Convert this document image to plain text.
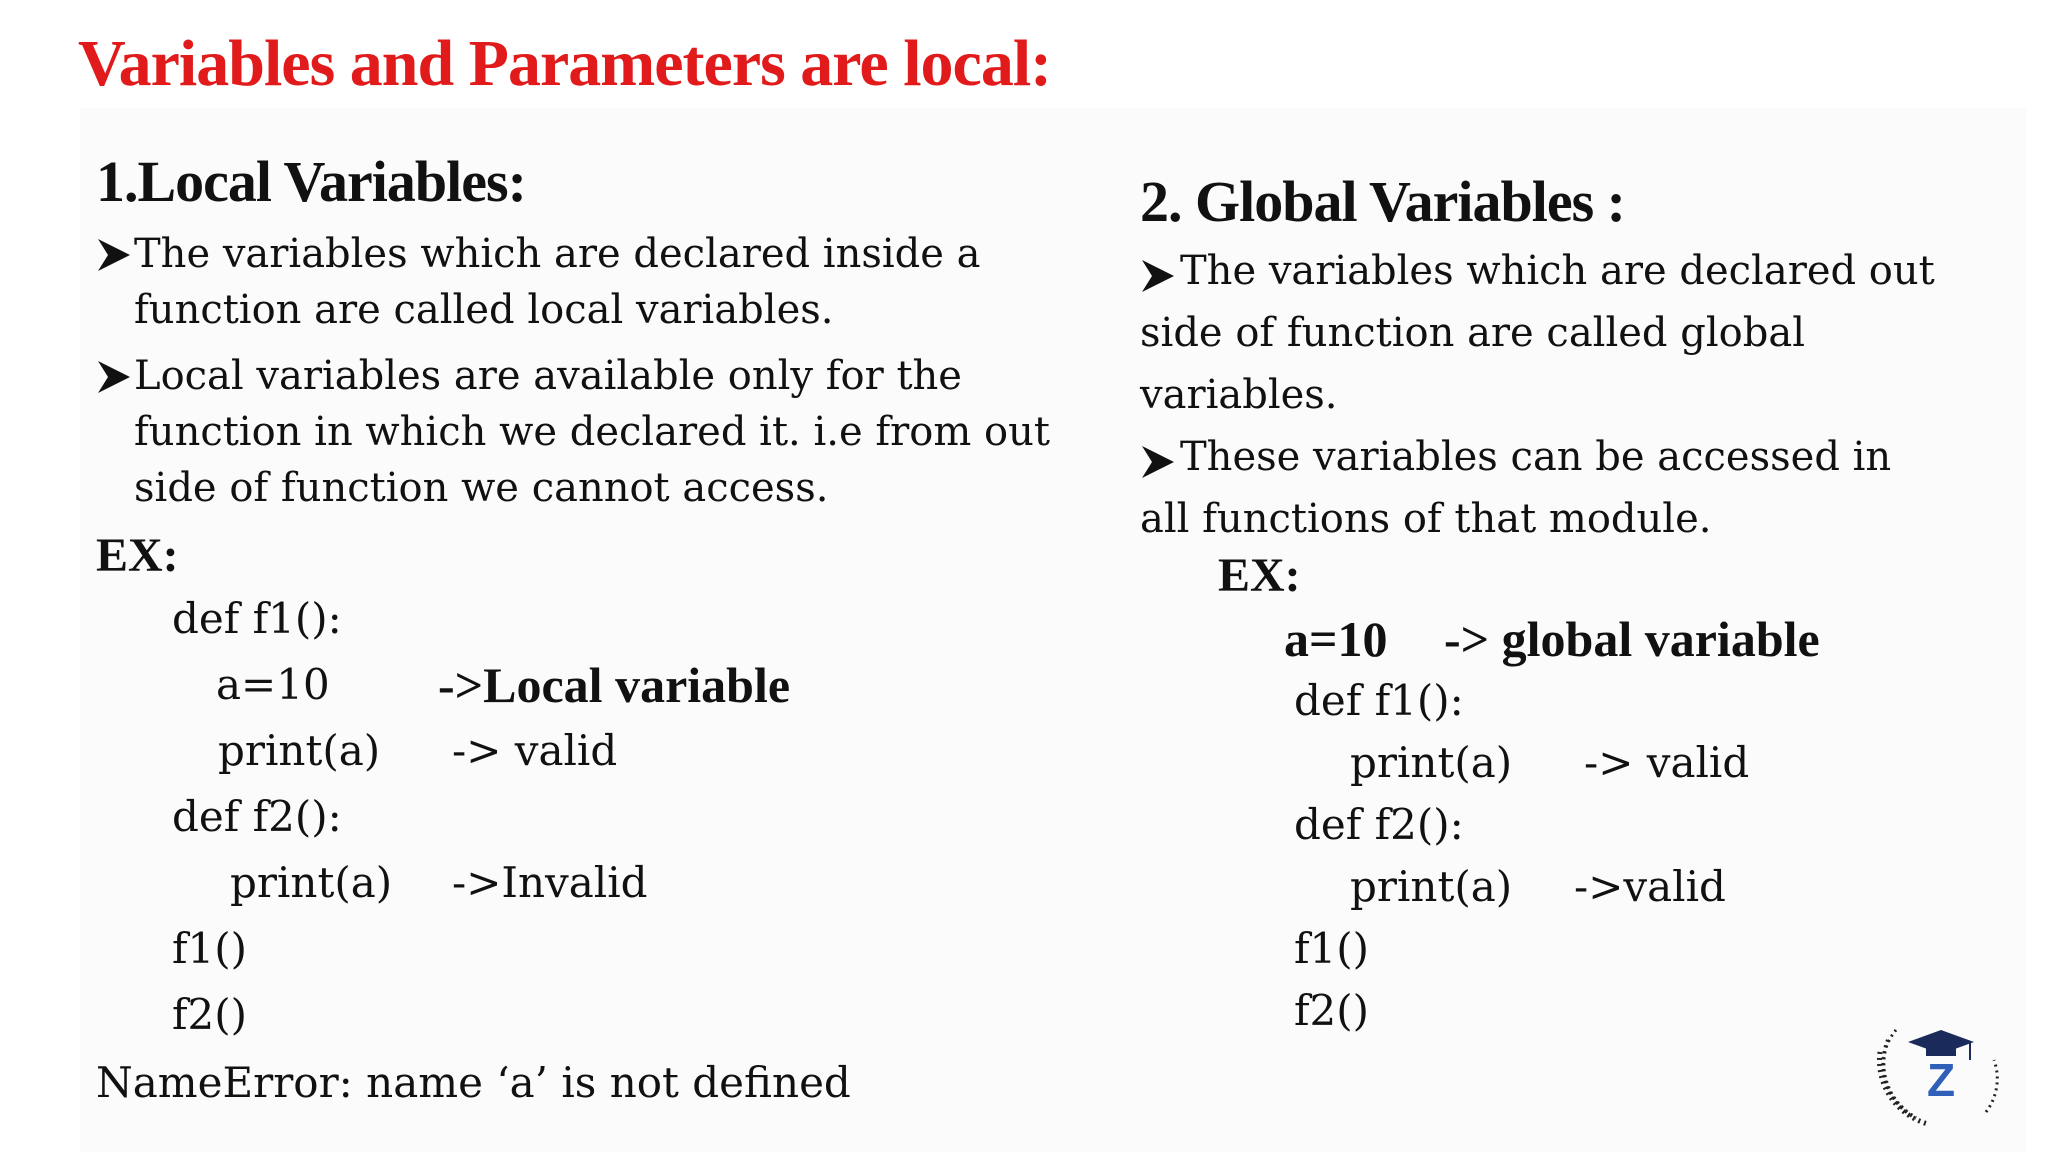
Variables and Parameters are local:
1.Local Variables:
The variables which are declared inside a function are called local variables.
Local variables are available only for the function in which we declared it. i.e from out side of function we cannot access.
EX:
def f1():
a=10 ->Local variable
print(a) -> valid
def f2():
print(a) ->Invalid
f1()
f2()
NameError: name ‘a’ is not defined
2. Global Variables :
The variables which are declared out side of function are called global variables.
These variables can be accessed in all functions of that module.
EX:
a=10 -> global variable
def f1():
print(a) -> valid
def f2():
print(a) ->valid
f1()
f2()
Z
